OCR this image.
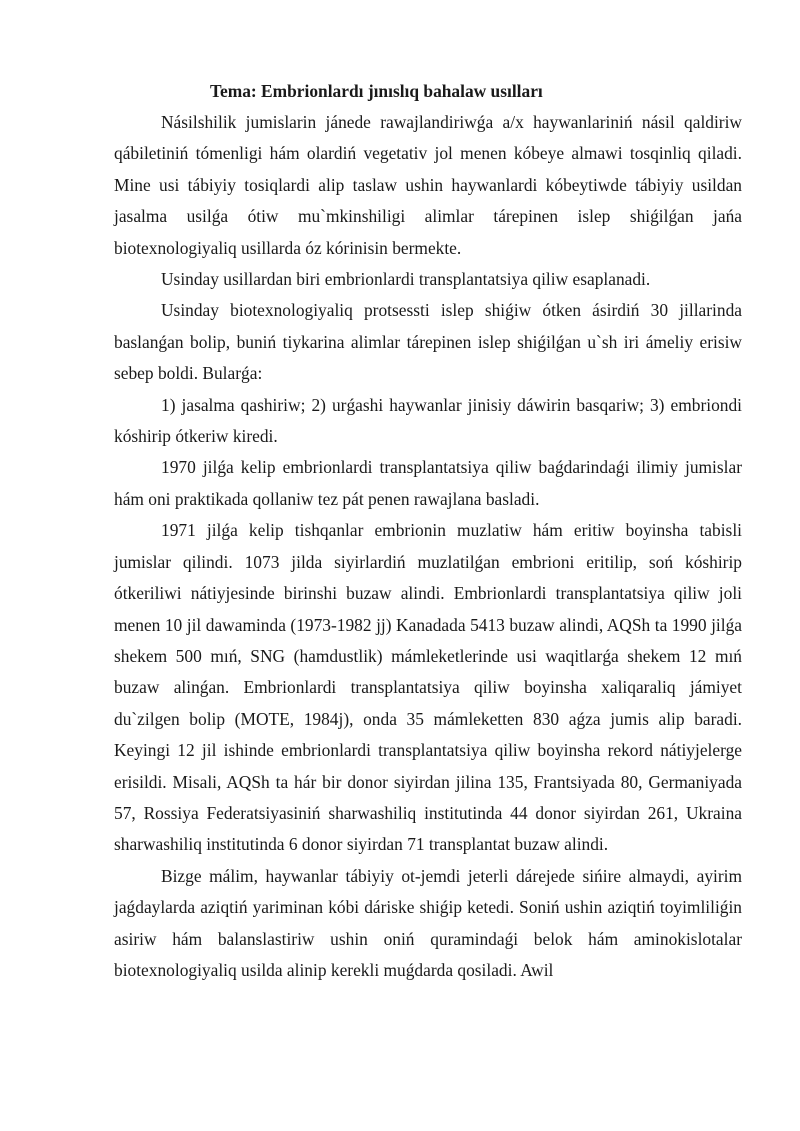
Tema: Embrionlardı jınıslıq bahalaw usılları

Násilshilik jumislarin jánede rawajlandiriwǵa a/x haywanlariniń násil qaldiriw qábiletiniń tómenligi hám olardiń vegetativ jol menen kóbeye almawi tosqinliq qiladi. Mine usi tábiyiy tosiqlardi alip taslaw ushin haywanlardi kóbeytiwde tábiyiy usildan jasalma usilǵa ótiw mu`mkinshiligi alimlar tárepinen islep shiǵilǵan jańa biotexnologiyaliq usillarda óz kórinisin bermekte.

Usinday usillardan biri embrionlardi transplantatsiya qiliw esaplanadi.

Usinday biotexnologiyaliq protsessti islep shiǵiw ótken ásirdiń 30 jillarinda baslanǵan bolip, buniń tiykarina alimlar tárepinen islep shiǵilǵan u`sh iri ámeliy erisiw sebep boldi. Bularǵa:

1) jasalma qashiriw; 2) urǵashi haywanlar jinisiy dáwirin basqariw; 3) embriondi kóshirip ótkeriw kiredi.

1970 jilǵa kelip embrionlardi transplantatsiya qiliw baǵdarindaǵi ilimiy jumislar hám oni praktikada qollaniw tez pát penen rawajlana basladi.

1971 jilǵa kelip tishqanlar embrionin muzlatiw hám eritiw boyinsha tabisli jumislar qilindi. 1073 jilda siyirlardiń muzlatilǵan embrioni eritilip, soń kóshirip ótkeriliwi nátiyjesinde birinshi buzaw alindi. Embrionlardi transplantatsiya qiliw joli menen 10 jil dawaminda (1973-1982 jj) Kanadada 5413 buzaw alindi, AQSh ta 1990 jilǵa shekem 500 mıń, SNG (hamdustlik) mámleketlerinde usi waqitlarǵa shekem 12 mıń buzaw alinǵan. Embrionlardi transplantatsiya qiliw boyinsha xaliqaraliq jámiyet du`zilgen bolip (MOTE, 1984j), onda 35 mámleketten 830 aǵza jumis alip baradi. Keyingi 12 jil ishinde embrionlardi transplantatsiya qiliw boyinsha rekord nátiyjelerge erisildi. Misali, AQSh ta hár bir donor siyirdan jilina 135, Frantsiyada 80, Germaniyada 57, Rossiya Federatsiyasiniń sharwashiliq institutinda 44 donor siyirdan 261, Ukraina sharwashiliq institutinda 6 donor siyirdan 71 transplantat buzaw alindi.

Bizge málim, haywanlar tábiyiy ot-jemdi jeterli dárejede sińire almaydi, ayirim jaǵdaylarda aziqtiń yariminan kóbi dáriske shiǵip ketedi. Soniń ushin aziqtiń toyimliliǵin asiriw hám balanslastiriw ushin oniń quramindaǵi belok hám aminokislotalar biotexnologiyaliq usilda alinip kerekli muǵdarda qosiladi. Awil
